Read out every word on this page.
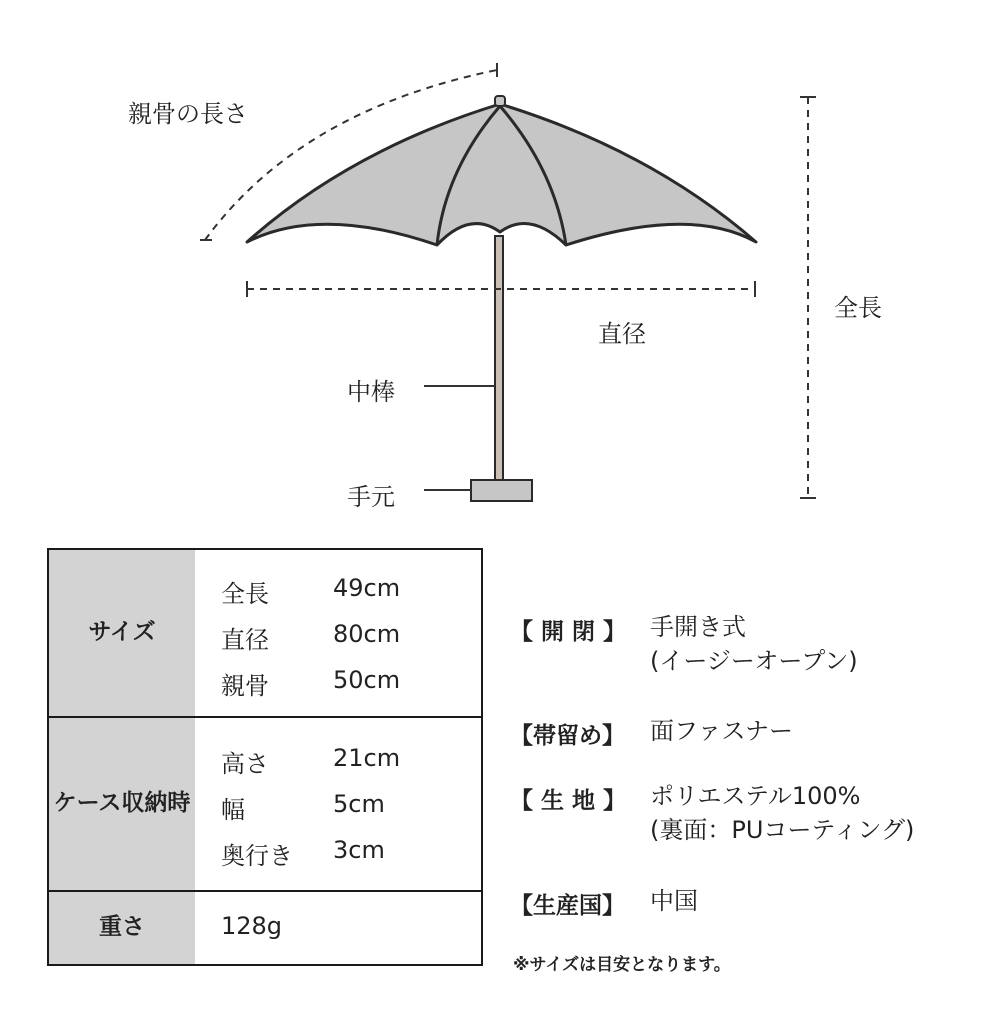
親骨の長さ
全長
直径
中棒
手元
サイズ
全長	49cm
直径	80cm
親骨	50cm
ケース 収納時
高さ	21cm
幅	5cm
奥行き 3cm
重さ	128g
【 開 閉 】 手開き式
(イージーオープン)
【帯留め】 面ファスナー
【 生 地 】 ポリエステル100%
(裏面：PUコーティング)
【生産国】 中国
※サイズは目安となります。
